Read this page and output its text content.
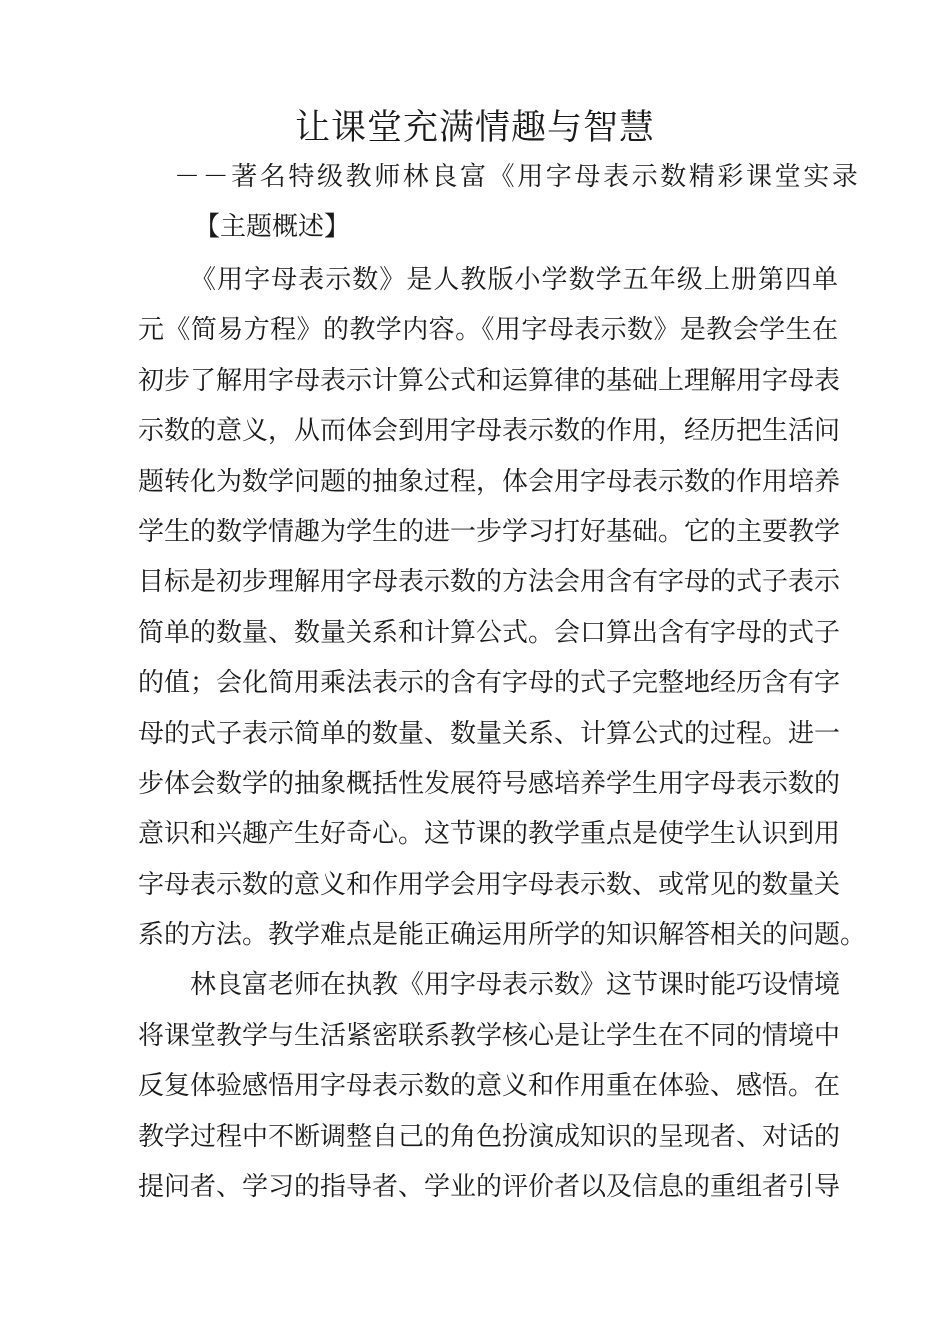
让课堂充满情趣与智慧
－－著名特级教师林良富《用字母表示数精彩课堂实录
【主题概述】
《用字母表示数》是人教版小学数学五年级上册第四单
元《简易方程》的教学内容。《用字母表示数》是教会学生在
初步了解用字母表示计算公式和运算律的基础上理解用字母表
示数的意义，从而体会到用字母表示数的作用，经历把生活问
题转化为数学问题的抽象过程，体会用字母表示数的作用培养
学生的数学情趣为学生的进一步学习打好基础。它的主要教学
目标是初步理解用字母表示数的方法会用含有字母的式子表示
简单的数量、数量关系和计算公式。会口算出含有字母的式子
的值；会化简用乘法表示的含有字母的式子完整地经历含有字
母的式子表示简单的数量、数量关系、计算公式的过程。进一
步体会数学的抽象概括性发展符号感培养学生用字母表示数的
意识和兴趣产生好奇心。这节课的教学重点是使学生认识到用
字母表示数的意义和作用学会用字母表示数、或常见的数量关
系的方法。教学难点是能正确运用所学的知识解答相关的问题。
林良富老师在执教《用字母表示数》这节课时能巧设情境
将课堂教学与生活紧密联系教学核心是让学生在不同的情境中
反复体验感悟用字母表示数的意义和作用重在体验、感悟。在
教学过程中不断调整自己的角色扮演成知识的呈现者、对话的
提问者、学习的指导者、学业的评价者以及信息的重组者引导
